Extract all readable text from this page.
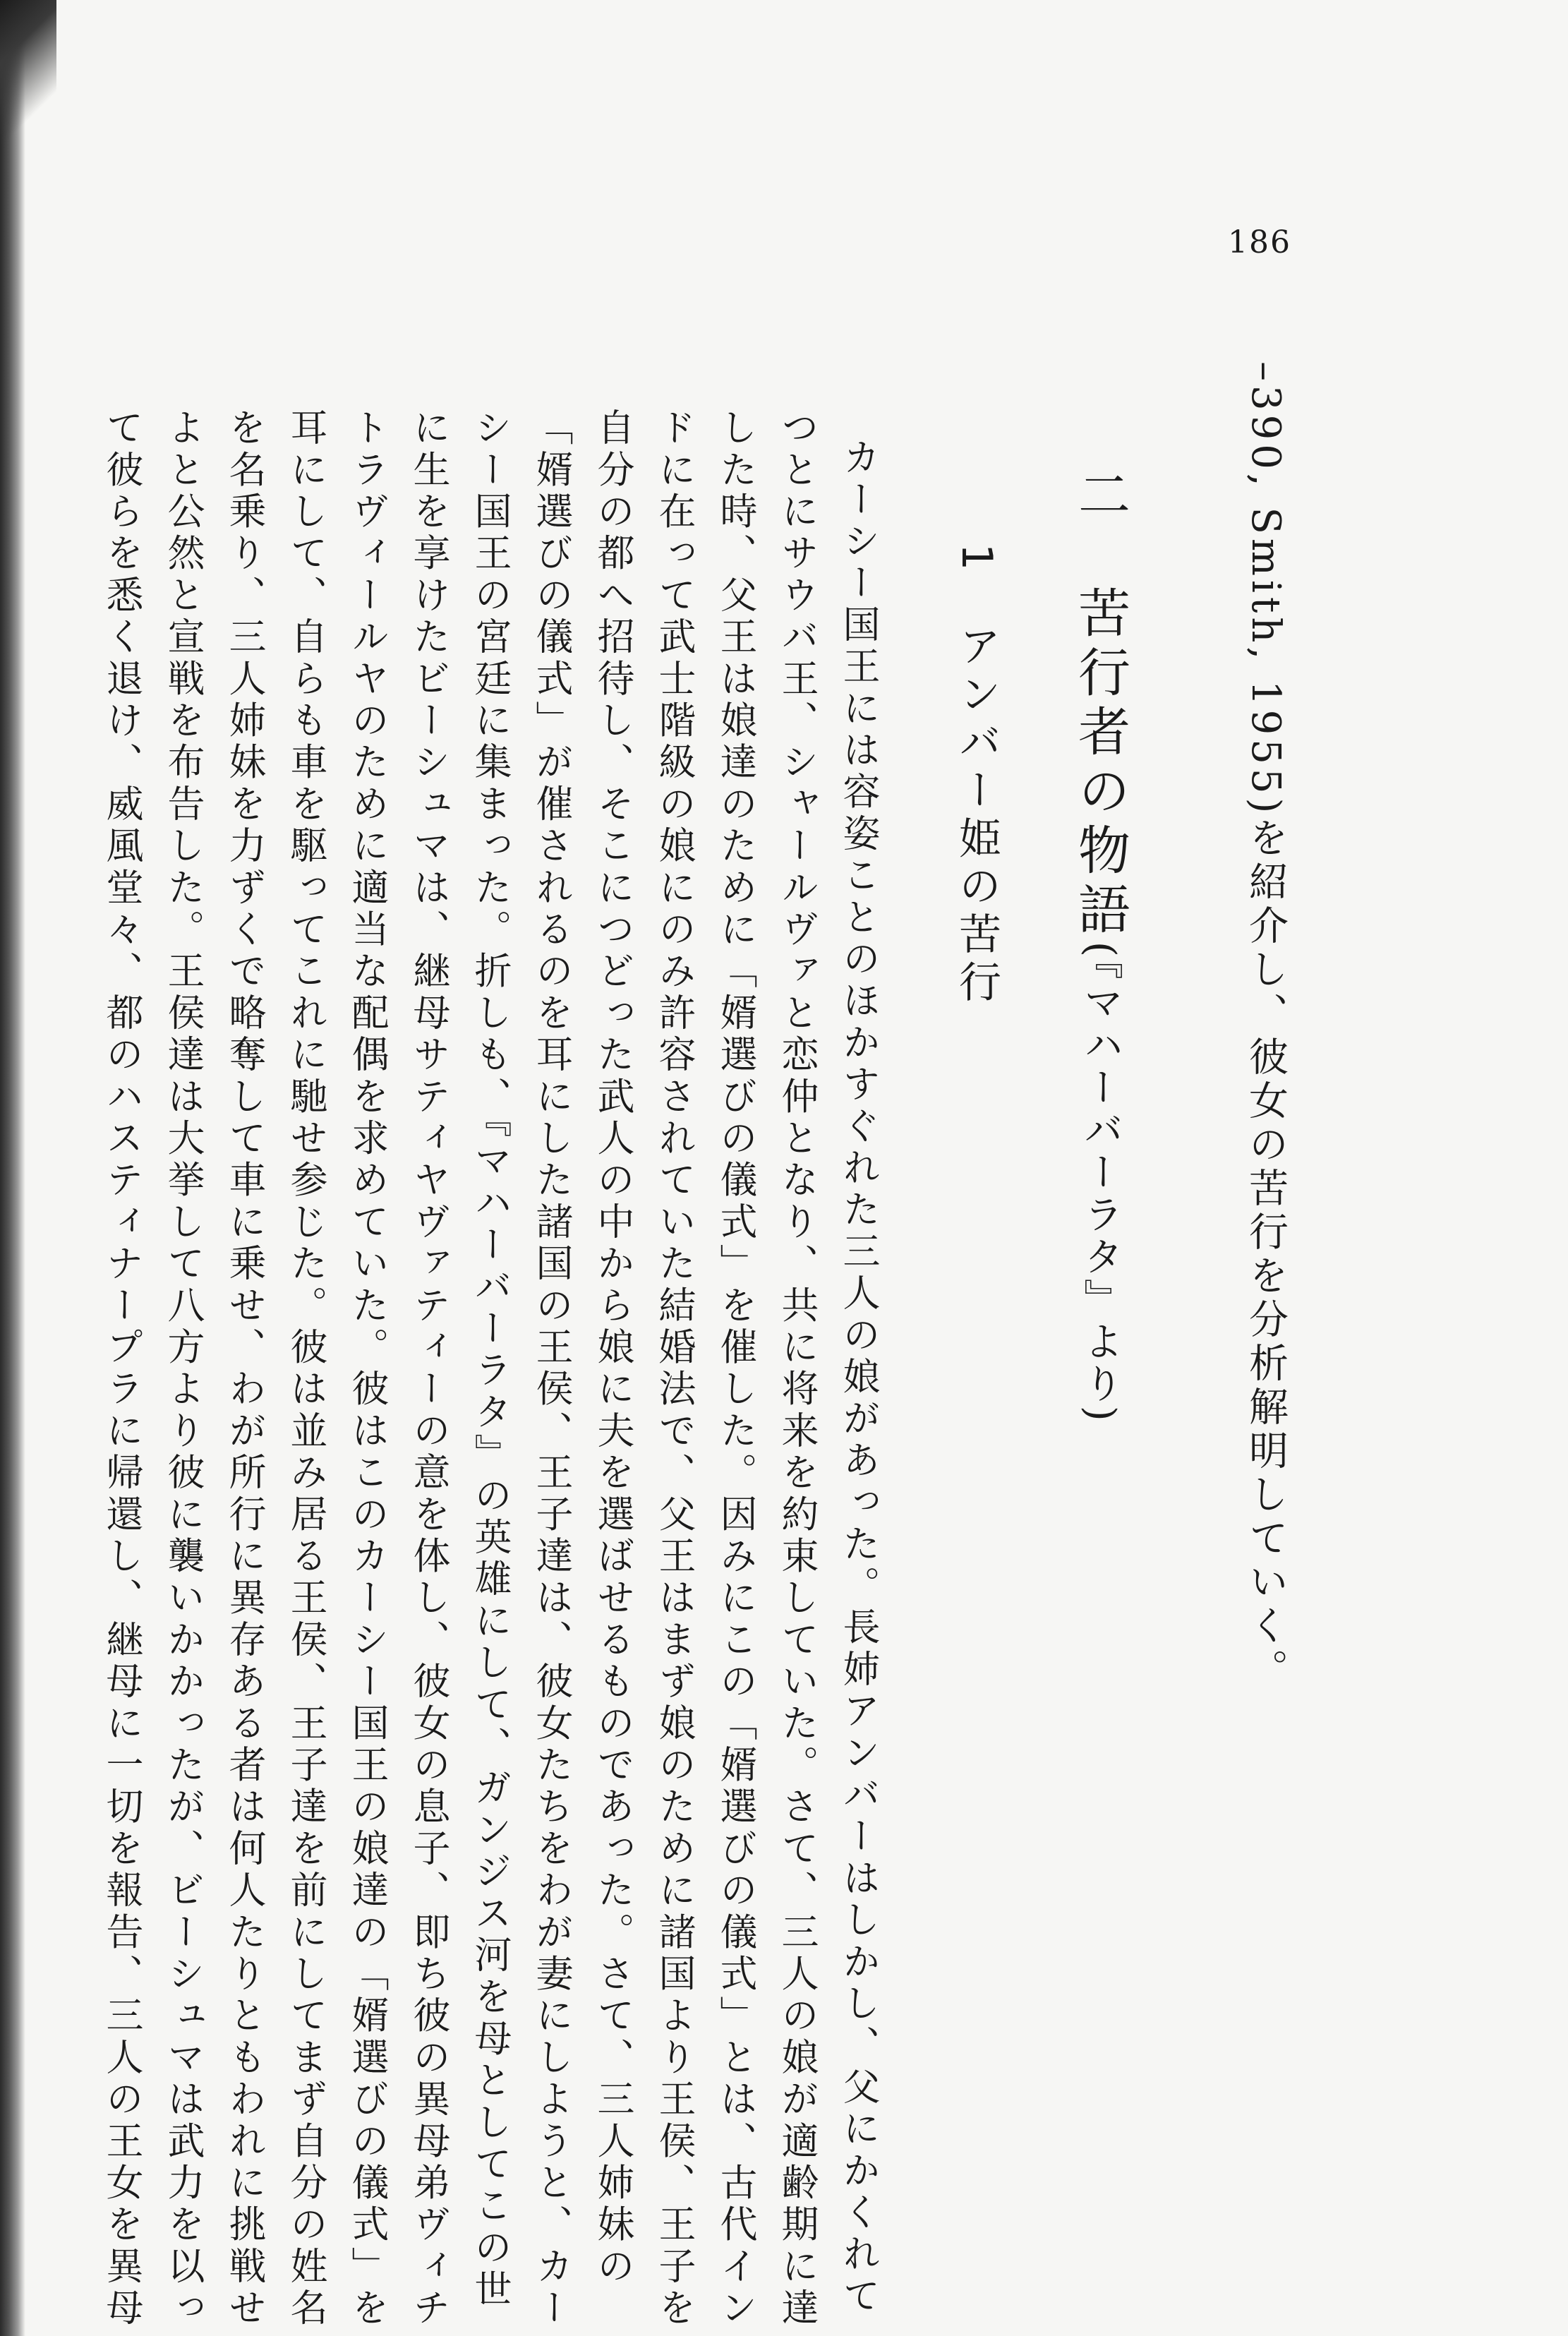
186
–390, Smith, 1955)を紹介し、彼女の苦行を分析解明していく。
二　苦行者の物語(『マハーバーラタ』より)
1　アンバー姫の苦行
カーシー国王には容姿ことのほかすぐれた三人の娘があった。長姉アンバーはしかし、父にかくれて
つとにサウバ王、シャールヴァと恋仲となり、共に将来を約束していた。さて、三人の娘が適齢期に達
した時、父王は娘達のために「婿選びの儀式」を催した。因みにこの「婿選びの儀式」とは、古代イン
ドに在って武士階級の娘にのみ許容されていた結婚法で、父王はまず娘のために諸国より王侯、王子を
自分の都へ招待し、そこにつどった武人の中から娘に夫を選ばせるものであった。さて、三人姉妹の
「婿選びの儀式」が催されるのを耳にした諸国の王侯、王子達は、彼女たちをわが妻にしようと、カー
シー国王の宮廷に集まった。折しも、『マハーバーラタ』の英雄にして、ガンジス河を母としてこの世
に生を享けたビーシュマは、継母サティヤヴァティーの意を体し、彼女の息子、即ち彼の異母弟ヴィチ
トラヴィールヤのために適当な配偶を求めていた。彼はこのカーシー国王の娘達の「婿選びの儀式」を
耳にして、自らも車を駆ってこれに馳せ参じた。彼は並み居る王侯、王子達を前にしてまず自分の姓名
を名乗り、三人姉妹を力ずくで略奪して車に乗せ、わが所行に異存ある者は何人たりともわれに挑戦せ
よと公然と宣戦を布告した。王侯達は大挙して八方より彼に襲いかかったが、ビーシュマは武力を以っ
て彼らを悉く退け、威風堂々、都のハスティナープラに帰還し、継母に一切を報告、三人の王女を異母
